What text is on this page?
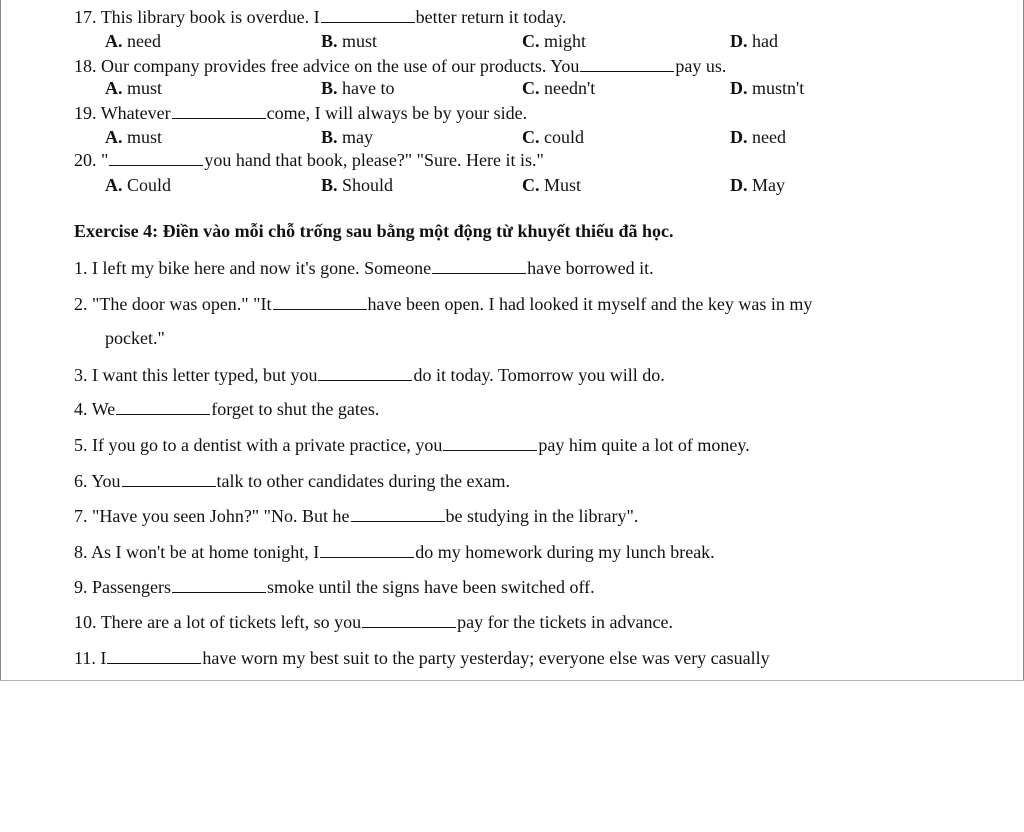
17. This library book is overdue. I	better return it today.
A. need	B. must	C. might	D. had
18. Our company provides free advice on the use of our products. You	pay us.
A. must	B. have to	C. needn't	D. mustn't
19. Whatever	come, I will always be by your side.
A. must	B. may	C. could	D. need
20. "	you hand that book, please?" "Sure. Here it is."
A. Could	B. Should	C. Must	D. May
Exercise 4: Điền vào mỗi chỗ trống sau bằng một động từ khuyết thiếu đã học.
1. I left my bike here and now it's gone. Someone	have borrowed it.
2. "The door was open." "It	have been open. I had looked it myself and the key was in my
pocket."
3. I want this letter typed, but you	do it today. Tomorrow you will do.
4. We	forget to shut the gates.
5. If you go to a dentist with a private practice, you	pay him quite a lot of money.
6. You	talk to other candidates during the exam.
7. "Have you seen John?" "No. But he	be studying in the library".
8. As I won't be at home tonight, I	do my homework during my lunch break.
9. Passengers	smoke until the signs have been switched off.
10. There are a lot of tickets left, so you	pay for the tickets in advance.
11. I	have worn my best suit to the party yesterday; everyone else was very casually
